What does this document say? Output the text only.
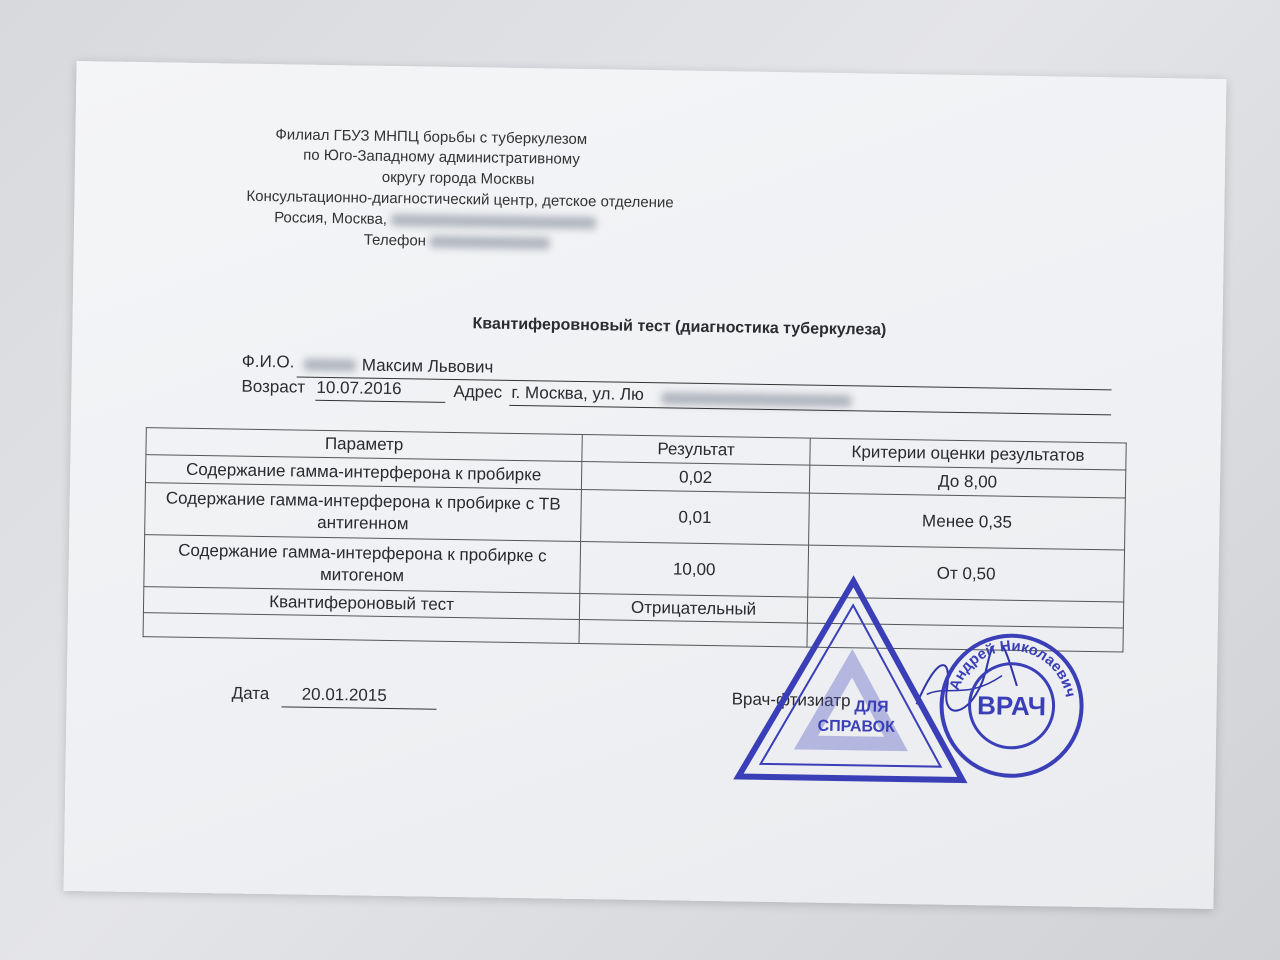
Филиал ГБУЗ МНПЦ борьбы с туберкулезом
по Юго-Западному административному
округу города Москвы
Консультационно-диагностический центр, детское отделение
Россия, Москва,
Телефон
Квантиферовновый тест (диагностика туберкулеза)
Ф.И.О.	Максим Львович
Возраст 10.07.2016	Адрес г. Москва, ул. Лю
Параметр	Результат	Критерии оценки результатов
Содержание гамма-интерферона к пробирке	0,02	До 8,00
Содержание гамма-интерферона к пробирке с ТВ антигенном	0,01	Менее 0,35
Содержание гамма-интерферона к пробирке с митогеном	10,00	От 0,50
Квантифероновый тест	Отрицательный	

Дата 20.01.2015	Врач-фтизиатр ДЛЯ
СПРАВОК
Андрей Николаевич
ВРАЧ
